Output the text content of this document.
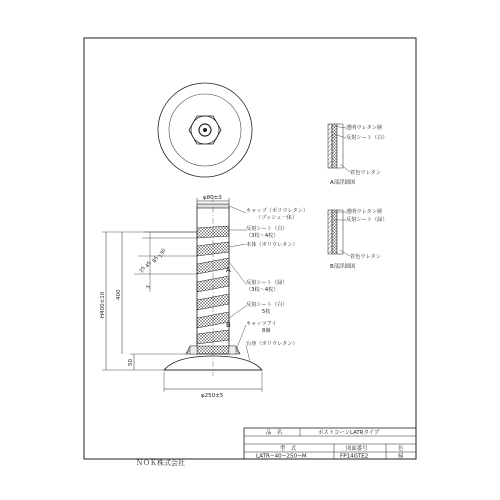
φ80±3
H400±10 400
50
5
25
45
85
130
φ250±5
キャップ（ポリウレタン）
（プッシュ一体）
反射シート（白）
（3枚〜4枚）
本体（ポリウレタン）
反射シート（緑）
（3枚〜4枚）
反射シート（白）
5枚
キャッツアイ
8個
台座（ポリウレタン）
A
B
透明ウレタン層
反射シート（白）
着色ウレタン
A部詳細図
透明ウレタン層
反射シート（緑）
着色ウレタン
B部詳細図
品　名	ポストコーンLATRタイプ
型　式	図面番号	色
LATR−40−250−M	FP14GTE2	緑
ＮＯＫ株式会社
